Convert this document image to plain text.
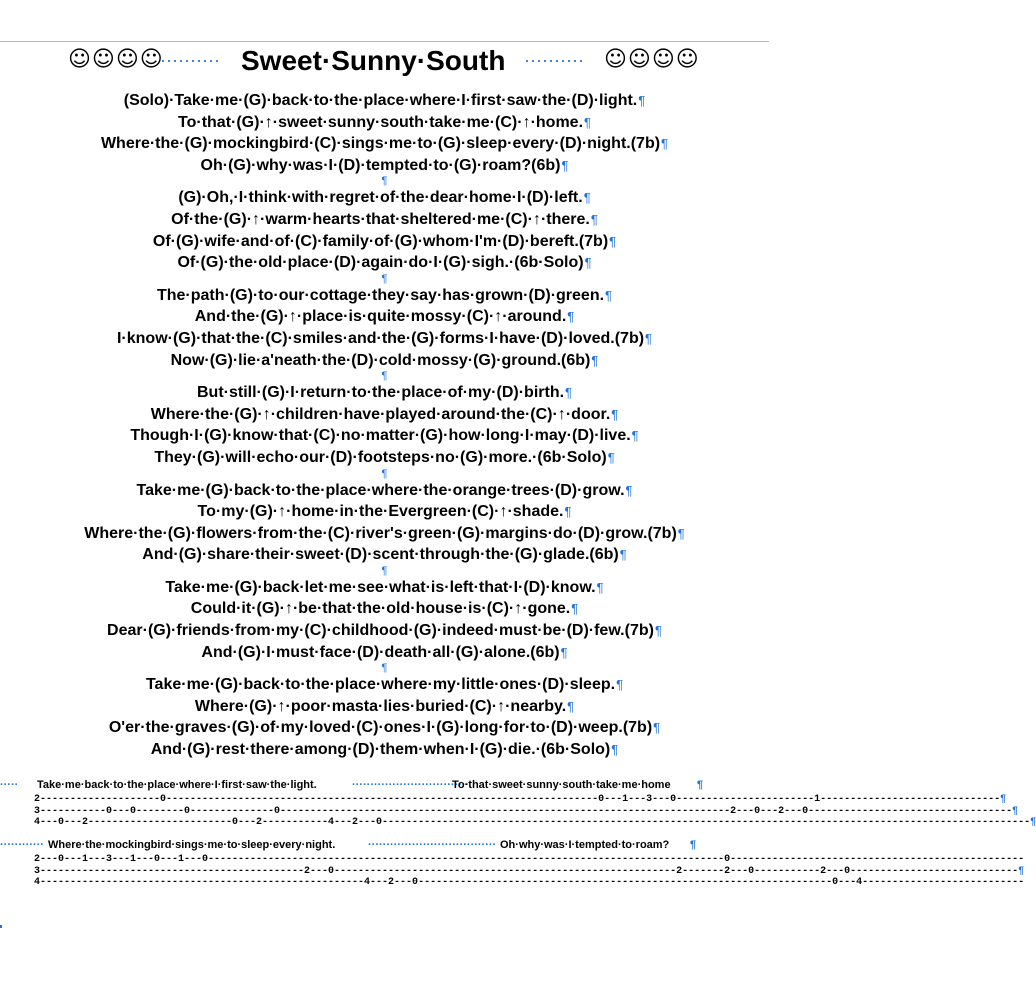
☺☺☺☺
·········· Sweet·Sunny·South ·········· ☺☺☺☺
(Solo)·Take·me·(G)·back·to·the·place·where·I·first·saw·the·(D)·light.¶
To·that·(G)·↑·sweet·sunny·south·take·me·(C)·↑·home.¶
Where·the·(G)·mockingbird·(C)·sings·me·to·(G)·sleep·every·(D)·night.(7b)¶
Oh·(G)·why·was·I·(D)·tempted·to·(G)·roam?(6b)¶
¶
(G)·Oh,·I·think·with·regret·of·the·dear·home·I·(D)·left.¶
Of·the·(G)·↑·warm·hearts·that·sheltered·me·(C)·↑·there.¶
Of·(G)·wife·and·of·(C)·family·of·(G)·whom·I'm·(D)·bereft.(7b)¶
Of·(G)·the·old·place·(D)·again·do·I·(G)·sigh.·(6b·Solo)¶
¶
The·path·(G)·to·our·cottage·they·say·has·grown·(D)·green.¶
And·the·(G)·↑·place·is·quite·mossy·(C)·↑·around.¶
I·know·(G)·that·the·(C)·smiles·and·the·(G)·forms·I·have·(D)·loved.(7b)¶
Now·(G)·lie·a'neath·the·(D)·cold·mossy·(G)·ground.(6b)¶
¶
But·still·(G)·I·return·to·the·place·of·my·(D)·birth.¶
Where·the·(G)·↑·children·have·played·around·the·(C)·↑·door.¶
Though·I·(G)·know·that·(C)·no·matter·(G)·how·long·I·may·(D)·live.¶
They·(G)·will·echo·our·(D)·footsteps·no·(G)·more.·(6b·Solo)¶
¶
Take·me·(G)·back·to·the·place·where·the·orange·trees·(D)·grow.¶
To·my·(G)·↑·home·in·the·Evergreen·(C)·↑·shade.¶
Where·the·(G)·flowers·from·the·(C)·river's·green·(G)·margins·do·(D)·grow.(7b)¶
And·(G)·share·their·sweet·(D)·scent·through·the·(G)·glade.(6b)¶
¶
Take·me·(G)·back·let·me·see·what·is·left·that·I·(D)·know.¶
Could·it·(G)·↑·be·that·the·old·house·is·(C)·↑·gone.¶
Dear·(G)·friends·from·my·(C)·childhood·(G)·indeed·must·be·(D)·few.(7b)¶
And·(G)·I·must·face·(D)·death·all·(G)·alone.(6b)¶
¶
Take·me·(G)·back·to·the·place·where·my·little·ones·(D)·sleep.¶
Where·(G)·↑·poor·masta·lies·buried·(C)·↑·nearby.¶
O'er·the·graves·(G)·of·my·loved·(C)·ones·I·(G)·long·for·to·(D)·weep.(7b)¶
And·(G)·rest·there·among·(D)·them·when·I·(G)·die.·(6b·Solo)¶
····· Take·me·back·to·the·place·where·I·first·saw·the·light.	································
To·that·sweet·sunny·south·take·me·home ¶
2--------------------0------------------------------------------------------------------------0---1---3---0-----------------------1------------------------------¶
3-----------0---0--------0--------------0---------------------------------------------------------------------------2---0---2---0----------------------------------¶
4---0---2------------------------0---2-----------4---2---0------------------------------------------------------------------------------------------------------------¶
············ Where·the·mockingbird·sings·me·to·sleep·every·night.	··································· Oh·why·was·I·tempted·to·roam? ¶
2---0---1---3---1---0---1---0--------------------------------------------------------------------------------------0-------------------------------------------------
3--------------------------------------------2---0---------------------------------------------------------2-------2---0-----------2---0----------------------------¶
4------------------------------------------------------4---2---0---------------------------------------------------------------------0---4---------------------------
